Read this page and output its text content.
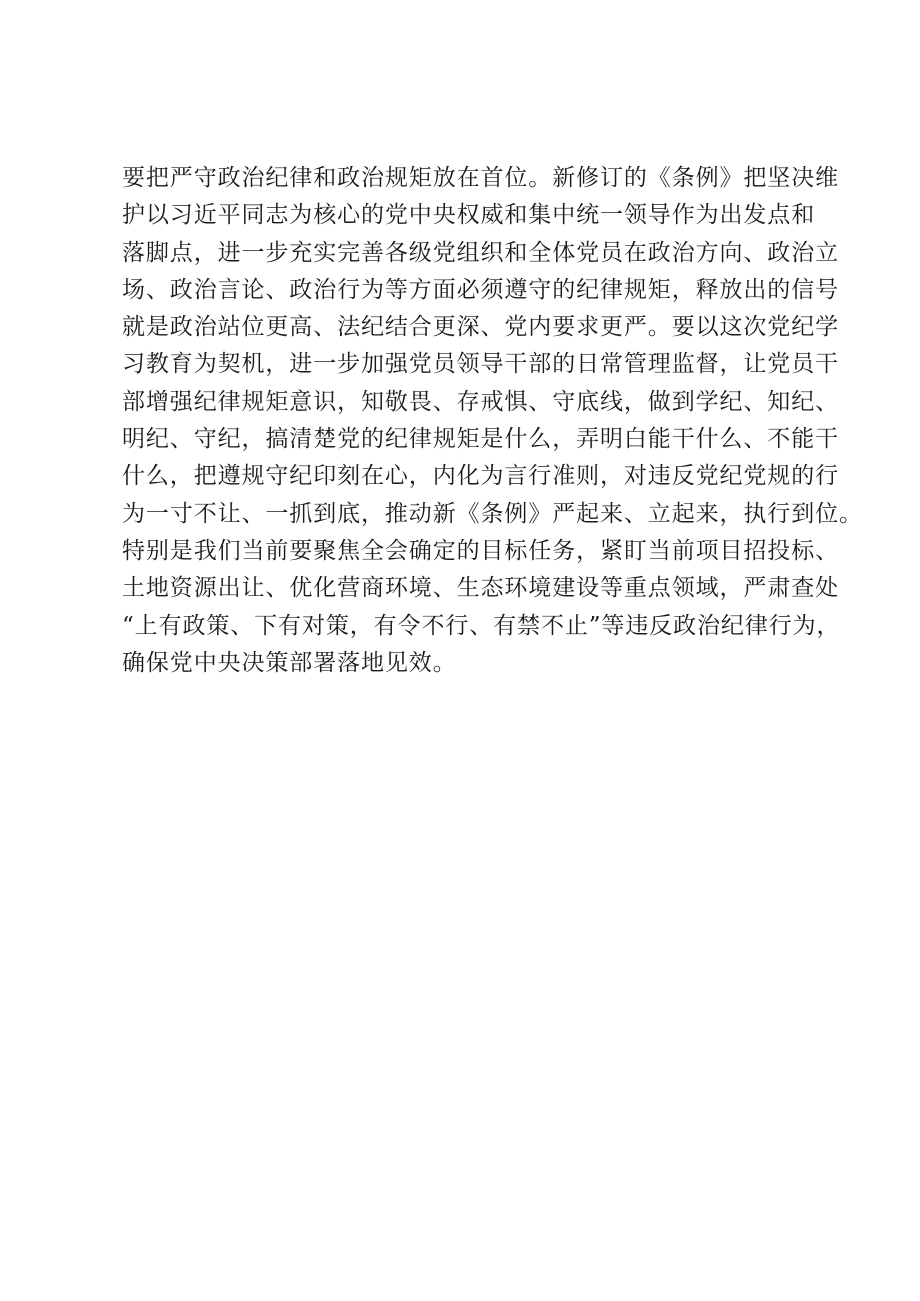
要把严守政治纪律和政治规矩放在首位。新修订的《条例》把坚决维
护以习近平同志为核心的党中央权威和集中统一领导作为出发点和
落脚点，进一步充实完善各级党组织和全体党员在政治方向、政治立
场、政治言论、政治行为等方面必须遵守的纪律规矩，释放出的信号
就是政治站位更高、法纪结合更深、党内要求更严。要以这次党纪学
习教育为契机，进一步加强党员领导干部的日常管理监督，让党员干
部增强纪律规矩意识，知敬畏、存戒惧、守底线，做到学纪、知纪、
明纪、守纪，搞清楚党的纪律规矩是什么，弄明白能干什么、不能干
什么，把遵规守纪印刻在心，内化为言行准则，对违反党纪党规的行
为一寸不让、一抓到底，推动新《条例》严起来、立起来，执行到位。
特别是我们当前要聚焦全会确定的目标任务，紧盯当前项目招投标、
土地资源出让、优化营商环境、生态环境建设等重点领域，严肃查处
“上有政策、下有对策，有令不行、有禁不止”等违反政治纪律行为，
确保党中央决策部署落地见效。
